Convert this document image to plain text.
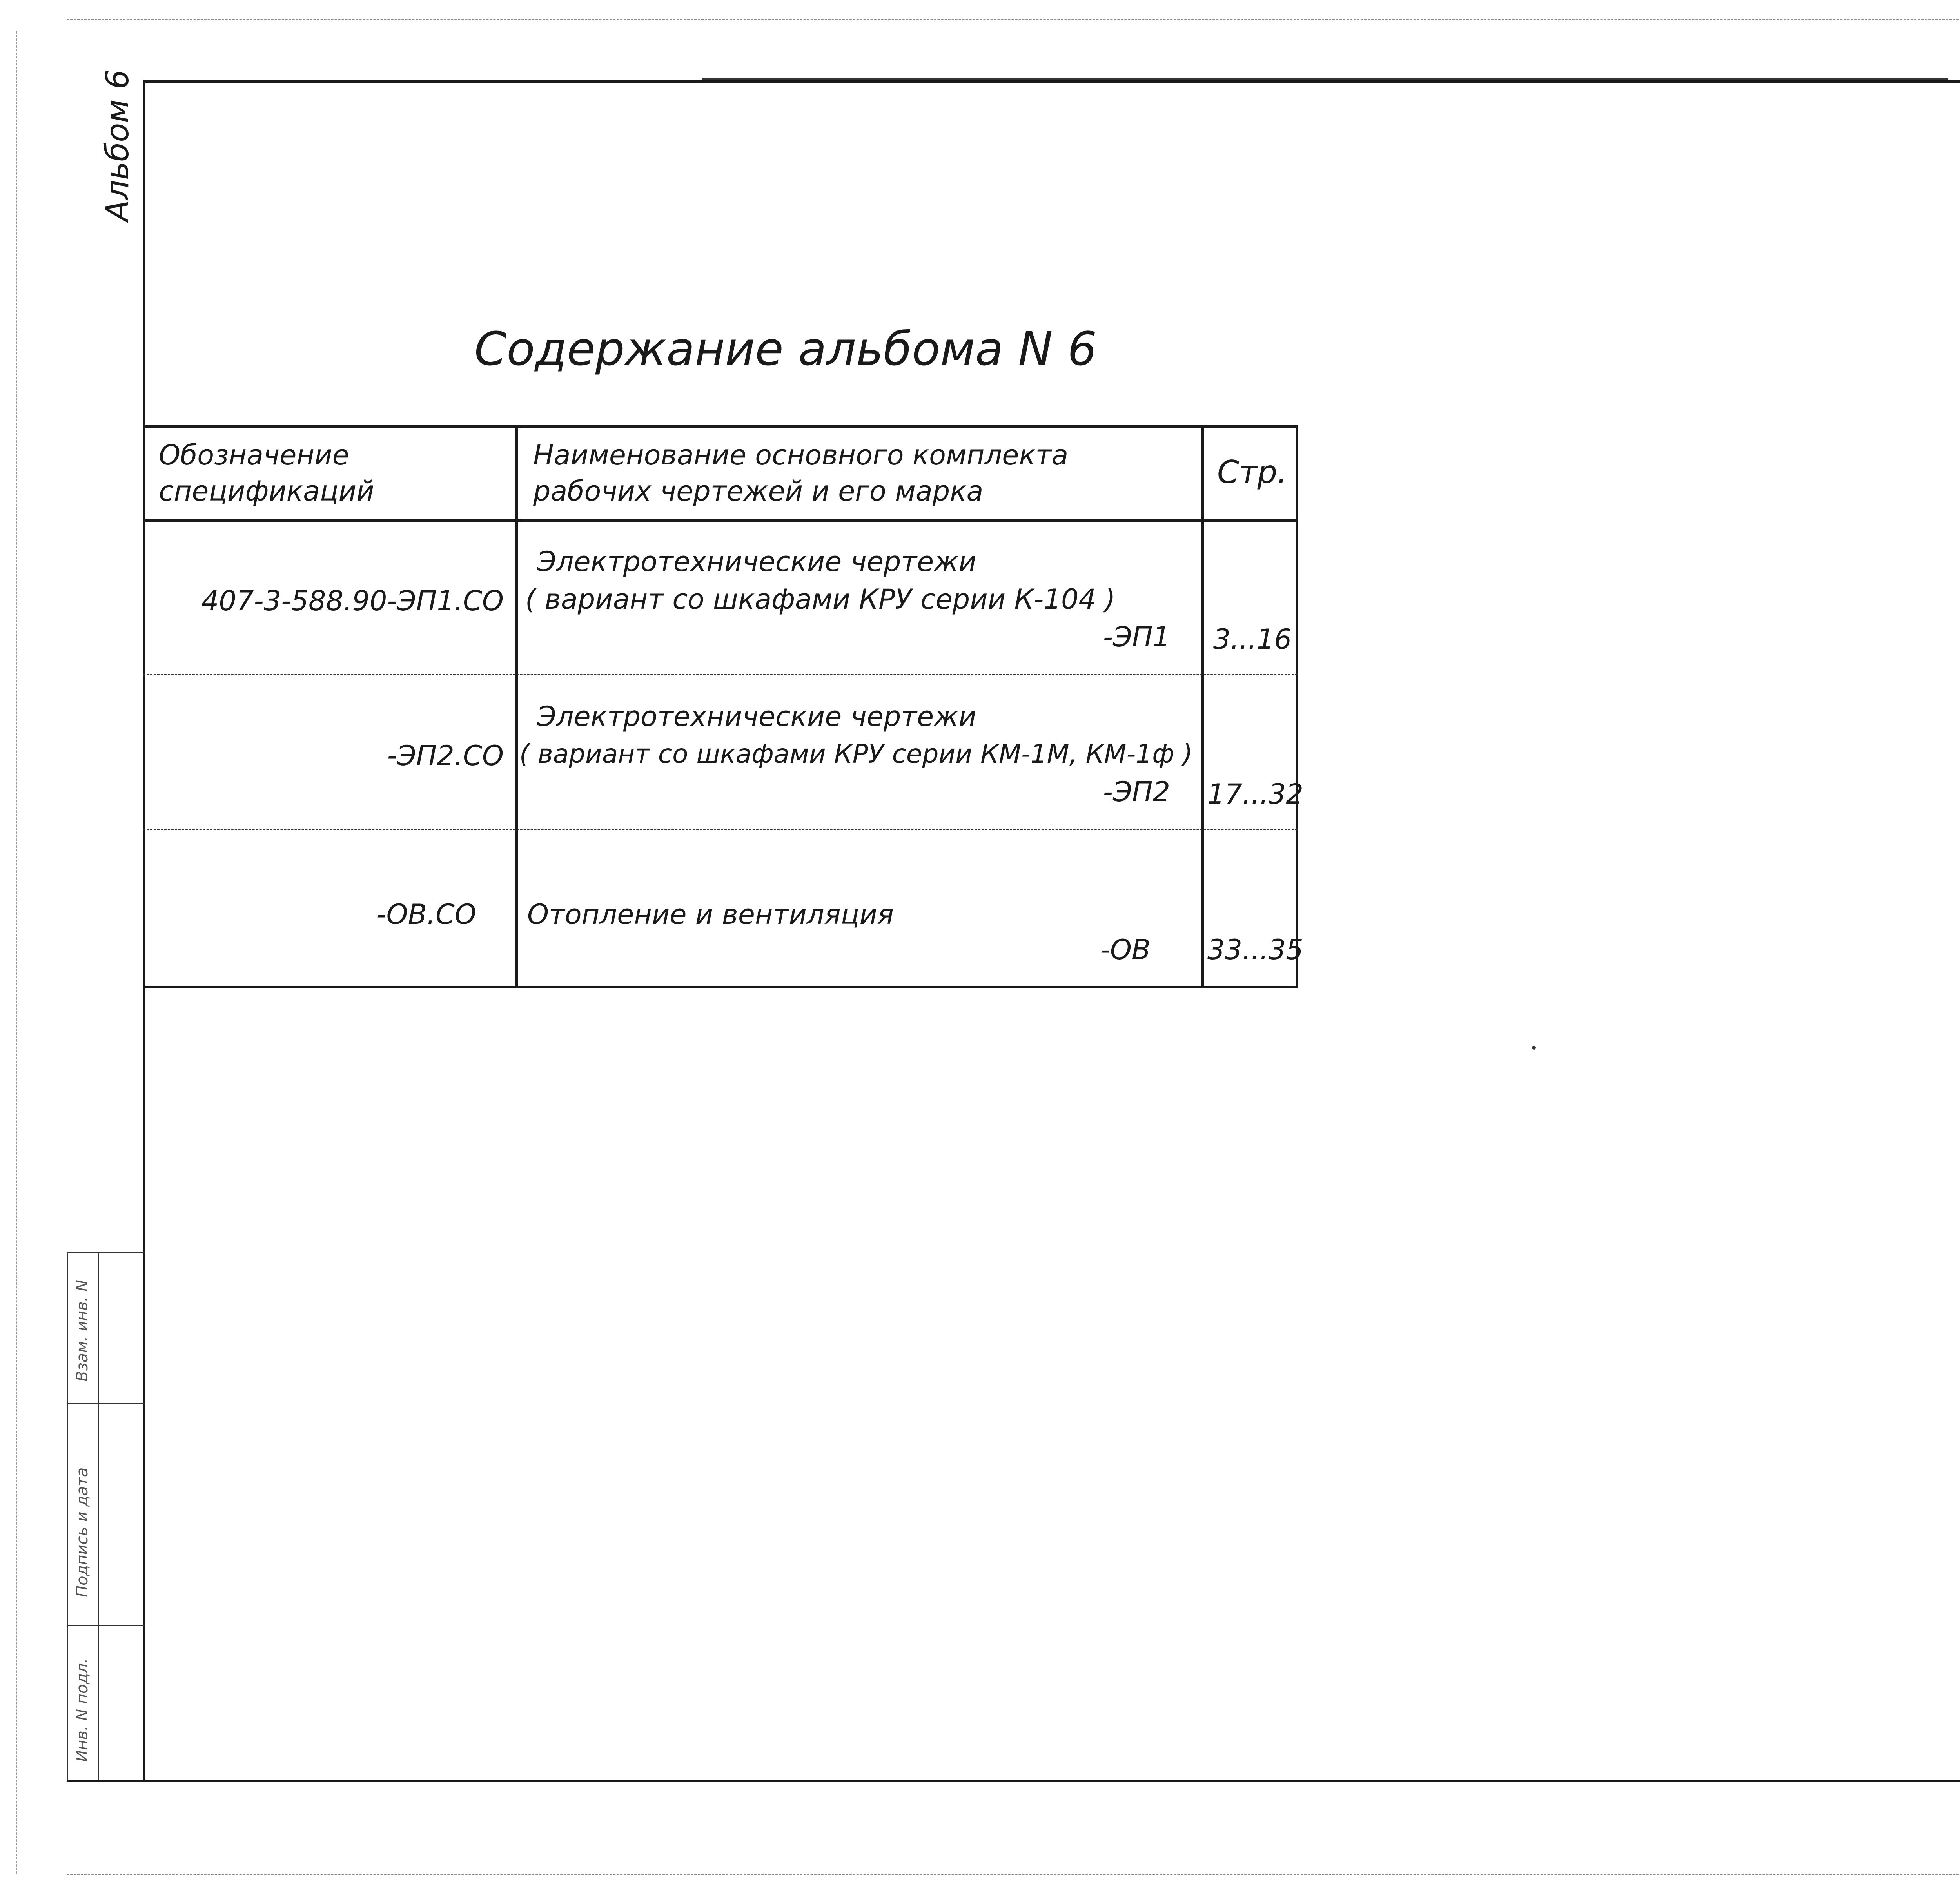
Альбом 6
Взам. инв. N
Подпись и дата
Инв. N подл.
Содержание альбома N 6
Обозначение
спецификаций
Наименование основного комплекта
рабочих чертежей и его марка
Стр.
407-3-588.90-ЭП1.СО
Электротехнические чертежи
( вариант со шкафами КРУ серии К-104 )
-ЭП1 3...16
-ЭП2.СО
Электротехнические чертежи
( вариант со шкафами КРУ серии КМ-1М, КМ-1ф )
-ЭП2 17...32
-ОВ.СО Отопление и вентиляция
-ОВ 33...35
